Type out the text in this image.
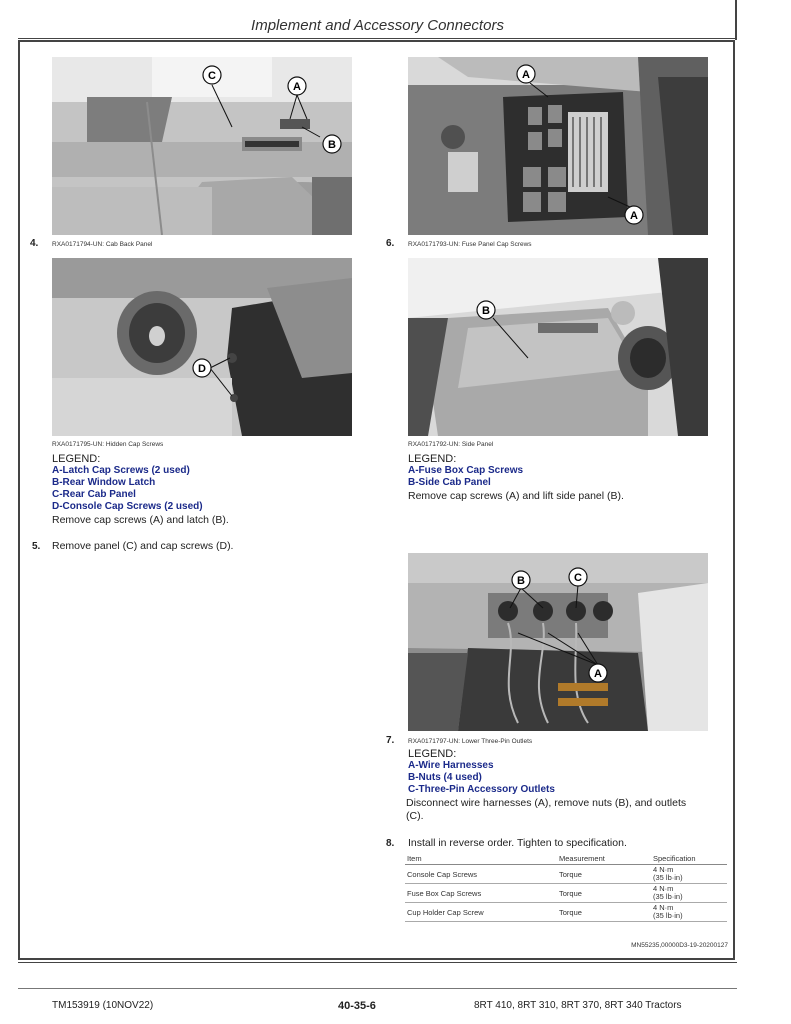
Implement and Accessory Connectors
C
A
B
4. RXA0171794-UN: Cab Back Panel
D
RXA0171795-UN: Hidden Cap Screws
LEGEND:
A-Latch Cap Screws (2 used)
B-Rear Window Latch
C-Rear Cab Panel
D-Console Cap Screws (2 used)
Remove cap screws (A) and latch (B).
5. Remove panel (C) and cap screws (D).
A
A
6. RXA0171793-UN: Fuse Panel Cap Screws
B
RXA0171792-UN: Side Panel
LEGEND:
A-Fuse Box Cap Screws
B-Side Cab Panel
Remove cap screws (A) and lift side panel (B).
B	C
A
7. RXA0171797-UN: Lower Three-Pin Outlets
LEGEND:
A-Wire Harnesses
B-Nuts (4 used)
C-Three-Pin Accessory Outlets
Disconnect wire harnesses (A), remove nuts (B), and outlets
(C).
8. Install in reverse order. Tighten to specification.
Item	Measurement	Specification
Console Cap Screws	Torque	4 N·m
(35 lb·in)

Fuse Box Cap Screws	Torque	4 N·m
(35 lb·in)

Cup Holder Cap Screw	Torque	4 N·m
(35 lb·in)
MN55235,00000D3-19-20200127
TM153919 (10NOV22)	40-35-6	8RT 410, 8RT 310, 8RT 370, 8RT 340 Tractors
